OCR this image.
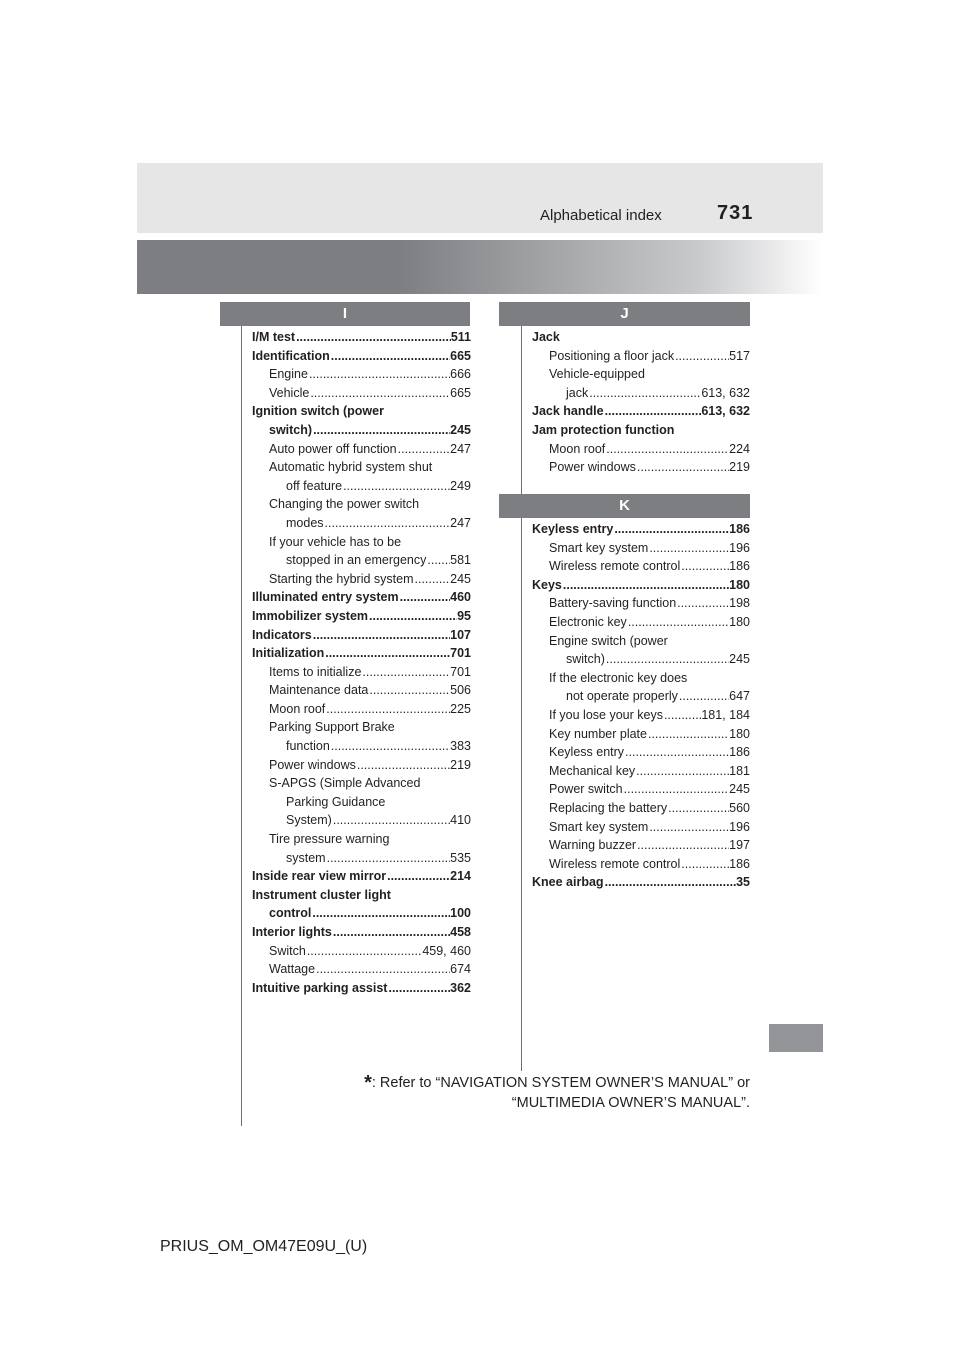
Alphabetical index	731
I
I/M test .....	511
Identification .....	665
Engine .....	666
Vehicle .....	665
Ignition switch (power
switch) .....	245
Auto power off function .....	247
Automatic hybrid system shut
off feature .....	249
Changing the power switch
modes .....	247
If your vehicle has to be
stopped in an emergency ..... 581
Starting the hybrid system .....	245
Illuminated entry system .....	460
Immobilizer system .....	95
Indicators .....	107
Initialization .....	701
Items to initialize .....	701
Maintenance data .....	506
Moon roof .....	225
Parking Support Brake
function .....	383
Power windows .....	219
S-APGS (Simple Advanced
Parking Guidance
System) .....	410
Tire pressure warning
system .....	535
Inside rear view mirror .....	214
Instrument cluster light
control .....	100
Interior lights .....	458
Switch .....	459, 460
Wattage .....	674
Intuitive parking assist .....	362
J
Jack
Positioning a floor jack .....	517
Vehicle-equipped
jack .....	613, 632
Jack handle .....	613, 632
Jam protection function
Moon roof .....	224
Power windows .....	219
K
Keyless entry .....	186
Smart key system .....	196
Wireless remote control .....	186
Keys .....	180
Battery-saving function .....	198
Electronic key .....	180
Engine switch (power
switch) .....	245
If the electronic key does
not operate properly .....	647
If you lose your keys .....	181, 184
Key number plate .....	180
Keyless entry .....	186
Mechanical key .....	181
Power switch .....	245
Replacing the battery .....	560
Smart key system .....	196
Warning buzzer .....	197
Wireless remote control .....	186
Knee airbag .....	35
*: Refer to “NAVIGATION SYSTEM OWNER’S MANUAL” or
“MULTIMEDIA OWNER’S MANUAL”.
PRIUS_OM_OM47E09U_(U)
